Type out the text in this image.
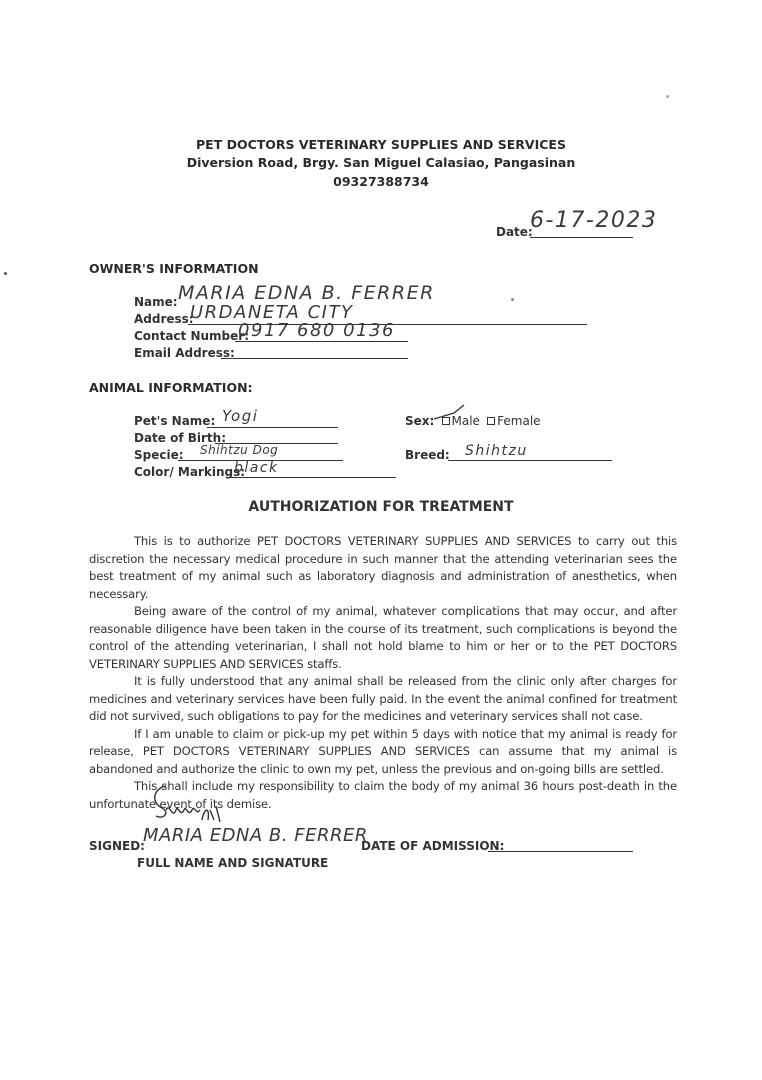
PET DOCTORS VETERINARY SUPPLIES AND SERVICES
Diversion Road, Brgy. San Miguel Calasiao, Pangasinan
09327388734
Date:
6-17-2023
OWNER'S INFORMATION
Name: MARIA EDNA B. FERRER
Address:
URDANETA CITY
Contact Number:
0917 680 0136
Email Address:
ANIMAL INFORMATION:
Pet's Name: Yogi
Date of Birth:
Specie: Shihtzu Dog
Color/ Markings:
black
Sex: Male Female
Breed: Shihtzu
AUTHORIZATION FOR TREATMENT

This is to authorize PET DOCTORS VETERINARY SUPPLIES AND SERVICES to carry out this discretion the necessary medical procedure in such manner that the attending veterinarian sees the best treatment of my animal such as laboratory diagnosis and administration of anesthetics, when necessary.

Being aware of the control of my animal, whatever complications that may occur, and after reasonable diligence have been taken in the course of its treatment, such complications is beyond the control of the attending veterinarian, I shall not hold blame to him or her or to the PET DOCTORS VETERINARY SUPPLIES AND SERVICES staffs.

It is fully understood that any animal shall be released from the clinic only after charges for medicines and veterinary services have been fully paid. In the event the animal confined for treatment did not survived, such obligations to pay for the medicines and veterinary services shall not case.

If I am unable to claim or pick-up my pet within 5 days with notice that my animal is ready for release, PET DOCTORS VETERINARY SUPPLIES AND SERVICES can assume that my animal is abandoned and authorize the clinic to own my pet, unless the previous and on-going bills are settled.

This shall include my responsibility to claim the body of my animal 36 hours post-death in the unfortunate event of its demise.

SIGNED:
MARIA EDNA B. FERRER
FULL NAME AND SIGNATURE
DATE OF ADMISSION:
